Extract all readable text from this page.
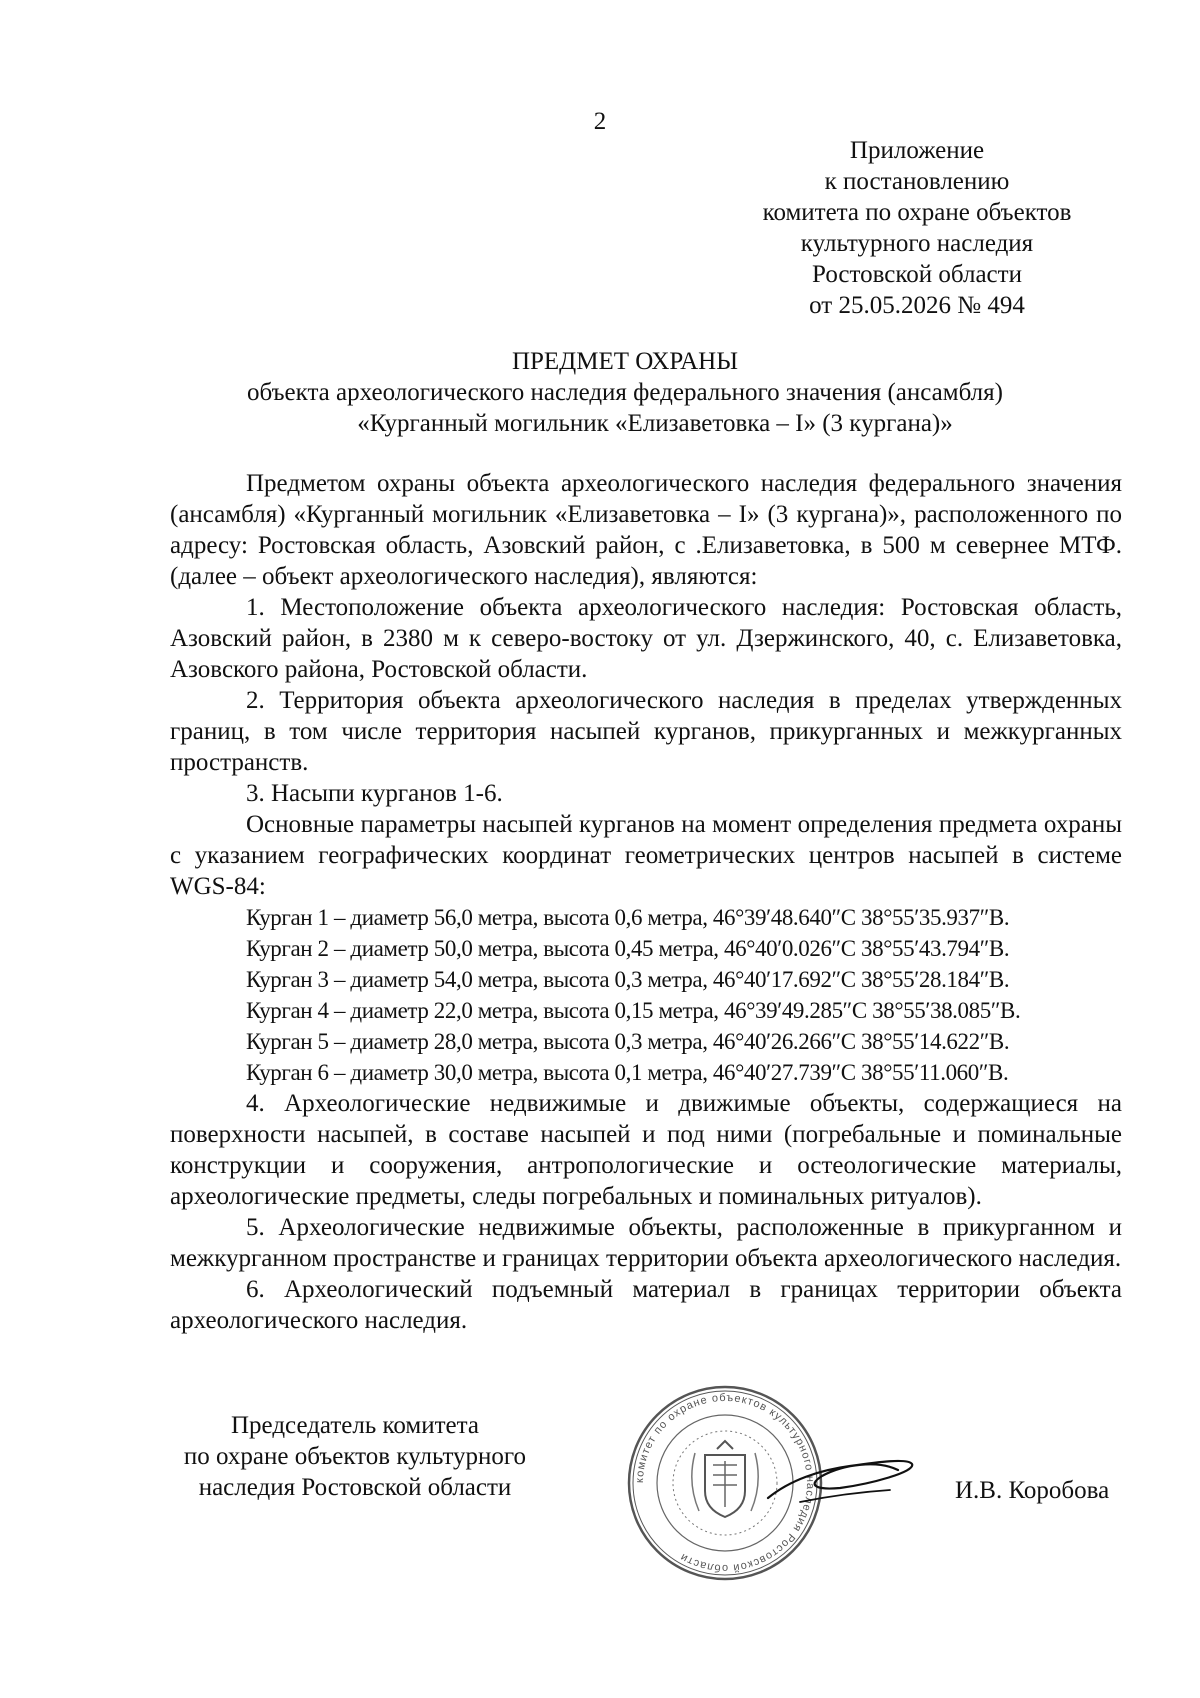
2
Приложение
к постановлению
комитета по охране объектов
культурного наследия
Ростовской области
от 25.05.2026 № 494
ПРЕДМЕТ ОХРАНЫ
объекта археологического наследия федерального значения (ансамбля)
«Курганный могильник «Елизаветовка – I» (3 кургана)»

Предметом охраны объекта археологического наследия федерального значения (ансамбля) «Курганный могильник «Елизаветовка – I» (3 кургана)», расположенного по адресу: Ростовская область, Азовский район, с .Елизаветовка, в 500 м севернее МТФ. (далее – объект археологического наследия), являются:

1. Местоположение объекта археологического наследия: Ростовская область, Азовский район, в 2380 м к северо-востоку от ул. Дзержинского, 40, с. Елизаветовка, Азовского района, Ростовской области.

2. Территория объекта археологического наследия в пределах утвержденных границ, в том числе территория насыпей курганов, прикурганных и межкурганных пространств.

3. Насыпи курганов 1-6.

Основные параметры насыпей курганов на момент определения предмета охраны с указанием географических координат геометрических центров насыпей в системе WGS-84:

Курган 1 – диаметр 56,0 метра, высота 0,6 метра, 46°39′48.640″С 38°55′35.937″В.
Курган 2 – диаметр 50,0 метра, высота 0,45 метра, 46°40′0.026″С 38°55′43.794″В.
Курган 3 – диаметр 54,0 метра, высота 0,3 метра, 46°40′17.692″С 38°55′28.184″В.
Курган 4 – диаметр 22,0 метра, высота 0,15 метра, 46°39′49.285″С 38°55′38.085″В.
Курган 5 – диаметр 28,0 метра, высота 0,3 метра, 46°40′26.266″С 38°55′14.622″В.
Курган 6 – диаметр 30,0 метра, высота 0,1 метра, 46°40′27.739″С 38°55′11.060″В.

4. Археологические недвижимые и движимые объекты, содержащиеся на поверхности насыпей, в составе насыпей и под ними (погребальные и поминальные конструкции и сооружения, антропологические и остеологические материалы, археологические предметы, следы погребальных и поминальных ритуалов).

5. Археологические недвижимые объекты, расположенные в прикурганном и межкурганном пространстве и границах территории объекта археологического наследия.

6. Археологический подъемный материал в границах территории объекта археологического наследия.

Председатель комитета
по охране объектов культурного
наследия Ростовской области	комитет по охране объектов культурного наследия Ростовской области
И.В. Коробова
